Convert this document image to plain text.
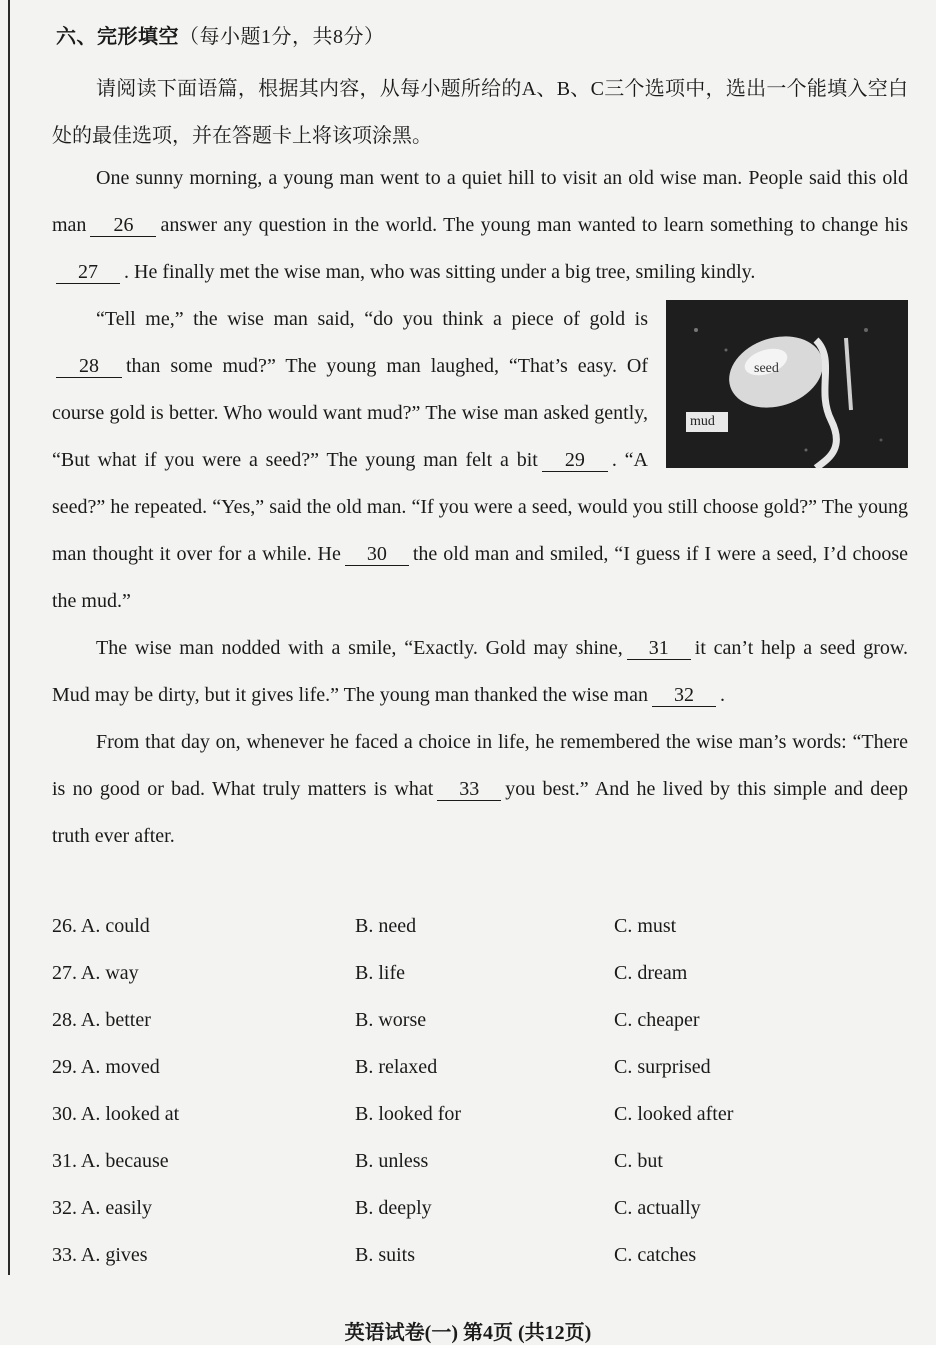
六、完形填空（每小题1分，共8分）
请阅读下面语篇，根据其内容，从每小题所给的A、B、C三个选项中，选出一个能填入空白处的最佳选项，并在答题卡上将该项涂黑。

One sunny morning, a young man went to a quiet hill to visit an old wise man. People said this old man 26 answer any question in the world. The young man wanted to learn something to change his27 . He finally met the wise man, who was sitting under a big tree, smiling kindly.

seed
mud
“Tell me,” the wise man said, “do you think a piece of gold is28 than some mud?” The young man laughed, “That’s easy. Of course gold is better. Who would want mud?” The wise man asked gently, “But what if you were a seed?” The young man felt a bit 29 . “A seed?” he repeated. “Yes,” said the old man. “If you were a seed, would you still choose gold?” The young man thought it over for a while. He 30 the old man and smiled, “I guess if I were a seed, I’d choose the mud.”

The wise man nodded with a smile, “Exactly. Gold may shine, 31 it can’t help a seed grow. Mud may be dirty, but it gives life.” The young man thanked the wise man 32 .

From that day on, whenever he faced a choice in life, he remembered the wise man’s words: “There is no good or bad. What truly matters is what 33 you best.” And he lived by this simple and deep truth ever after.

26. A. could	B. need	C. must
27. A. way	B. life	C. dream
28. A. better	B. worse	C. cheaper
29. A. moved	B. relaxed	C. surprised
30. A. looked at	B. looked for	C. looked after
31. A. because	B. unless	C. but
32. A. easily	B. deeply	C. actually
33. A. gives	B. suits	C. catches
英语试卷(一) 第4页 (共12页)
